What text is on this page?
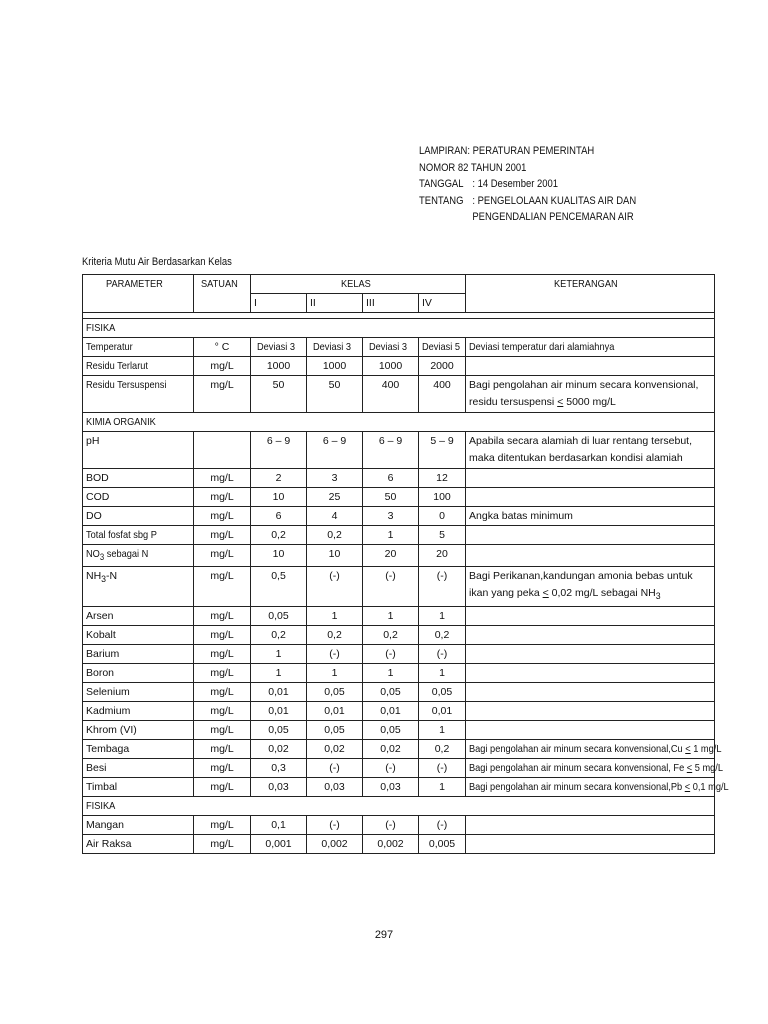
LAMPIRAN: PERATURAN PEMERINTAH
NOMOR 82 TAHUN 2001
TANGGAL : 14 Desember 2001
TENTANG : PENGELOLAAN KUALITAS AIR DAN
PENGENDALIAN PENCEMARAN AIR
Kriteria Mutu Air Berdasarkan Kelas
PARAMETER	SATUAN	KELAS				KETERANGAN
		I	II	III	IV	

FISIKA						
Temperatur	° C	Deviasi 3	Deviasi 3	Deviasi 3	Deviasi 5	Deviasi temperatur dari alamiahnya
Residu Terlarut	mg/L	1000	1000	1000	2000	
Residu Tersuspensi	mg/L	50	50	400	400	Bagi pengolahan air minum secara konvensional, residu tersuspensi < 5000 mg/L
KIMIA ORGANIK						
pH		6 – 9	6 – 9	6 – 9	5 – 9	Apabila secara alamiah di luar rentang tersebut, maka ditentukan berdasarkan kondisi alamiah
BOD	mg/L	2	3	6	12	
COD	mg/L	10	25	50	100	
DO	mg/L	6	4	3	0	Angka batas minimum
Total fosfat sbg P	mg/L	0,2	0,2	1	5	
$NO_3$ sebagai N	mg/L	10	10	20	20	
$NH_3-N$	mg/L	0,5	(-)	(-)	(-)	Bagi Perikanan,kandungan amonia bebas untuk ikan yang peka < 0,02 mg/L sebagai $NH_3$
Arsen	mg/L	0,05	1	1	1	
Kobalt	mg/L	0,2	0,2	0,2	0,2	
Barium	mg/L	1	(-)	(-)	(-)	
Boron	mg/L	1	1	1	1	
Selenium	mg/L	0,01	0,05	0,05	0,05	
Kadmium	mg/L	0,01	0,01	0,01	0,01	
Khrom (VI)	mg/L	0,05	0,05	0,05	1	
Tembaga	mg/L	0,02	0,02	0,02	0,2	Bagi pengolahan air minum secara konvensional,Cu < 1 mg/L
Besi	mg/L	0,3	(-)	(-)	(-)	Bagi pengolahan air minum secara konvensional, Fe < 5 mg/L
Timbal	mg/L	0,03	0,03	0,03	1	Bagi pengolahan air minum secara konvensional,Pb < 0,1 mg/L
FISIKA						
Mangan	mg/L	0,1	(-)	(-)	(-)	
Air Raksa	mg/L	0,001	0,002	0,002	0,005	
297
